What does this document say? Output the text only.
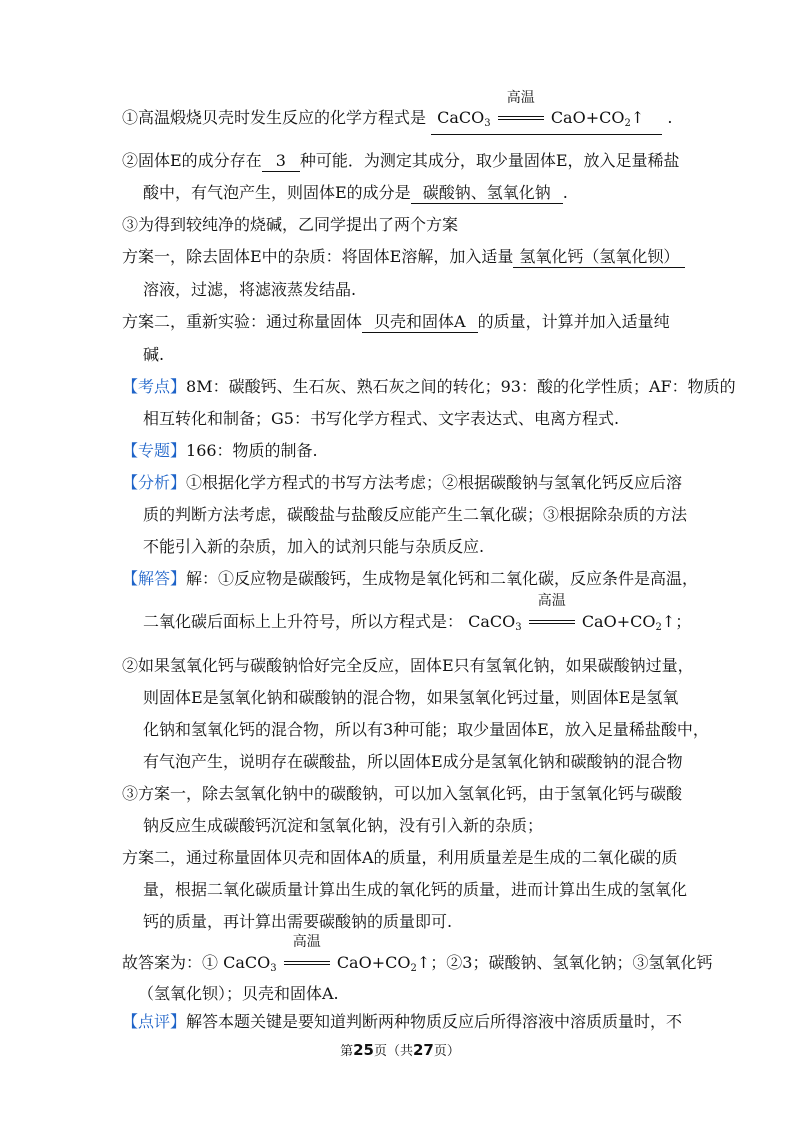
①高温煅烧贝壳时发生反应的化学方程式是 CaCO$_3$
高温
$CaO+CO_2↑$ .
②固体E的成分存在 3 种可能．为测定其成分，取少量固体E，放入足量稀盐
酸中，有气泡产生，则固体E的成分是 碳酸钠、氢氧化钠 .
③为得到较纯净的烧碱，乙同学提出了两个方案
方案一，除去固体E中的杂质：将固体E溶解，加入适量 氢氧化钙（氢氧化钡）
溶液，过滤，将滤液蒸发结晶.
方案二，重新实验：通过称量固体 贝壳和固体A 的质量，计算并加入适量纯
碱.
【考点】8M：碳酸钙、生石灰、熟石灰之间的转化；93：酸的化学性质；AF：物质的
相互转化和制备；G5：书写化学方程式、文字表达式、电离方程式.
【专题】166：物质的制备.
【分析】①根据化学方程式的书写方法考虑；②根据碳酸钠与氢氧化钙反应后溶
质的判断方法考虑，碳酸盐与盐酸反应能产生二氧化碳；③根据除杂质的方法
不能引入新的杂质，加入的试剂只能与杂质反应.
【解答】解：①反应物是碳酸钙，生成物是氧化钙和二氧化碳，反应条件是高温，
二氧化碳后面标上上升符号，所以方程式是： CaCO$_3$
高温
$CaO+CO_2↑$；
②如果氢氧化钙与碳酸钠恰好完全反应，固体E只有氢氧化钠，如果碳酸钠过量，
则固体E是氢氧化钠和碳酸钠的混合物，如果氢氧化钙过量，则固体E是氢氧
化钠和氢氧化钙的混合物，所以有3种可能；取少量固体E，放入足量稀盐酸中，
有气泡产生，说明存在碳酸盐，所以固体E成分是氢氧化钠和碳酸钠的混合物
③方案一，除去氢氧化钠中的碳酸钠，可以加入氢氧化钙，由于氢氧化钙与碳酸
钠反应生成碳酸钙沉淀和氢氧化钠，没有引入新的杂质；
方案二，通过称量固体贝壳和固体A的质量，利用质量差是生成的二氧化碳的质
量，根据二氧化碳质量计算出生成的氧化钙的质量，进而计算出生成的氢氧化
钙的质量，再计算出需要碳酸钠的质量即可.
故答案为：① CaCO$_3$
高温
$CaO+CO_2↑$；②3；碳酸钠、氢氧化钠；③氢氧化钙
（氢氧化钡）；贝壳和固体A.
【点评】解答本题关键是要知道判断两种物质反应后所得溶液中溶质质量时，不
第25页（共27页）
